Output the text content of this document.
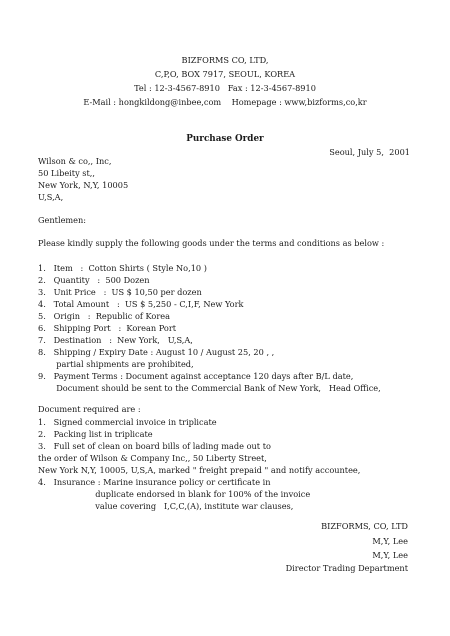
BIZFORMS CO, LTD,
C,P,O, BOX 7917, SEOUL, KOREA
Tel : 12-3-4567-8910   Fax : 12-3-4567-8910
E-Mail : hongkildong@inbee,com    Homepage : www,bizforms,co,kr
Purchase Order
Seoul, July 5,  2001
Wilson & co,, Inc,
50 Libeity st,,
New York, N,Y, 10005
U,S,A,
Gentlemen:
Please kindly supply the following goods under the terms and conditions as below :
1.   Item   :  Cotton Shirts ( Style No,10 )
2.   Quantity   :  500 Dozen
3.   Unit Price   :  US $ 10,50 per dozen
4.   Total Amount   :  US $ 5,250 - C,I,F, New York
5.   Origin   :  Republic of Korea
6.   Shipping Port   :  Korean Port
7.   Destination   :  New York,   U,S,A,
8.   Shipping / Expiry Date : August 10 / August 25, 20 , ,
partial shipments are prohibited,
9.   Payment Terms : Document against acceptance 120 days after B/L date,
Document should be sent to the Commercial Bank of New York,   Head Office,
Document required are :
1.   Signed commercial invoice in triplicate
2.   Packing list in triplicate
3.   Full set of clean on board bills of lading made out to
the order of Wilson & Company Inc,, 50 Liberty Street,
New York N,Y, 10005, U,S,A, marked " freight prepaid " and notify accountee,
4.   Insurance : Marine insurance policy or certificate in
duplicate endorsed in blank for 100% of the invoice
value covering   I,C,C,(A), institute war clauses,
BIZFORMS, CO, LTD
M,Y, Lee
M,Y, Lee
Director Trading Department
